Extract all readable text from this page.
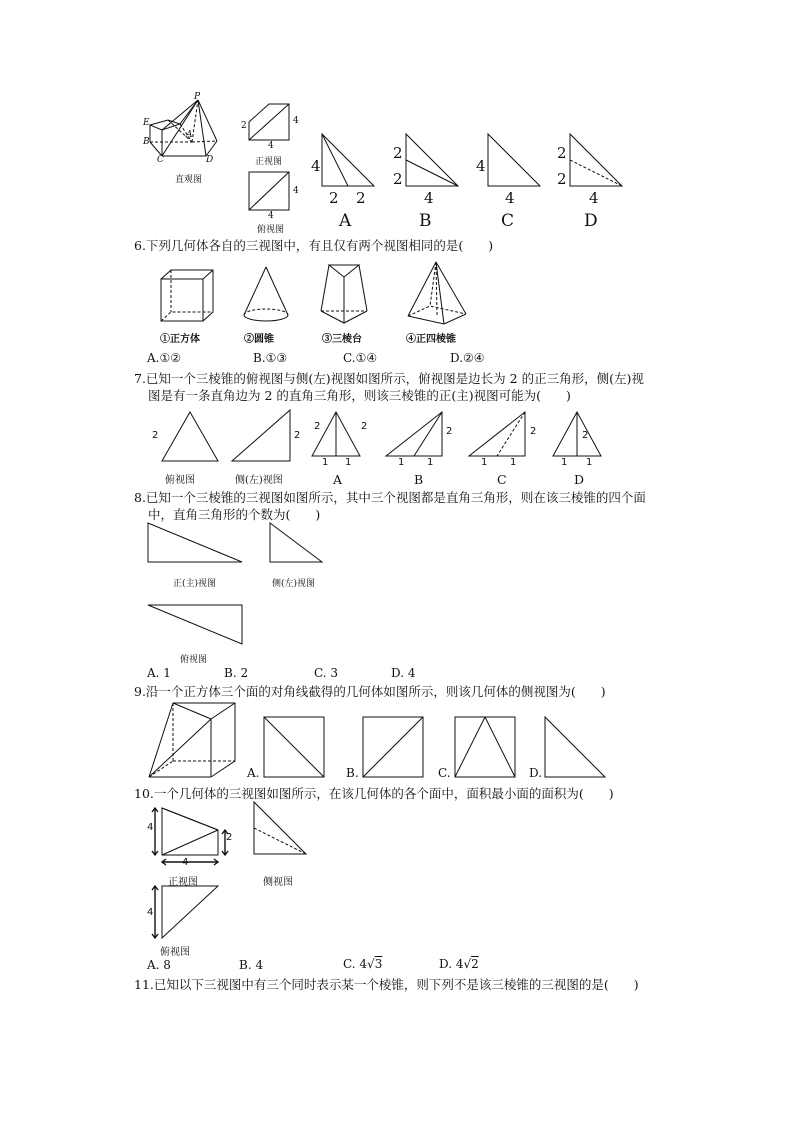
P
E
A
B
C	D
直观图
2	4
4
正视图
4
4
俯视图
4
2 2
A
2
2
4
B
4
4
C
2
2
4
D
6.下列几何体各自的三视图中，有且仅有两个视图相同的是(　　)
①正方体	②圆锥	③三棱台	④正四棱锥
A.①②	B.①③	C.①④	D.②④
7.已知一个三棱锥的俯视图与侧(左)视图如图所示，俯视图是边长为 2 的正三角形，侧(左)视
图是有一条直角边为 2 的直角三角形，则该三棱锥的正(主)视图可能为(　　)
2
俯视图
2
侧(左)视图
2	2
1 1
A
2
1 1
B
2
1 1
C
2
1 1
D
8.已知一个三棱锥的三视图如图所示，其中三个视图都是直角三角形，则在该三棱锥的四个面
中，直角三角形的个数为(　　)
正(主)视图	侧(左)视图
俯视图
A. 1	B. 2	C. 3	D. 4
9.沿一个正方体三个面的对角线截得的几何体如图所示，则该几何体的侧视图为(　　)
A.	B.	C.	D.
10.一个几何体的三视图如图所示，在该几何体的各个面中，面积最小面的面积为(　　)
4
4
2
正视图	侧视图
4
俯视图
A. 8	B. 4	C. 4√3	D. 4√2
11.已知以下三视图中有三个同时表示某一个棱锥，则下列不是该三棱锥的三视图的是(　　)
